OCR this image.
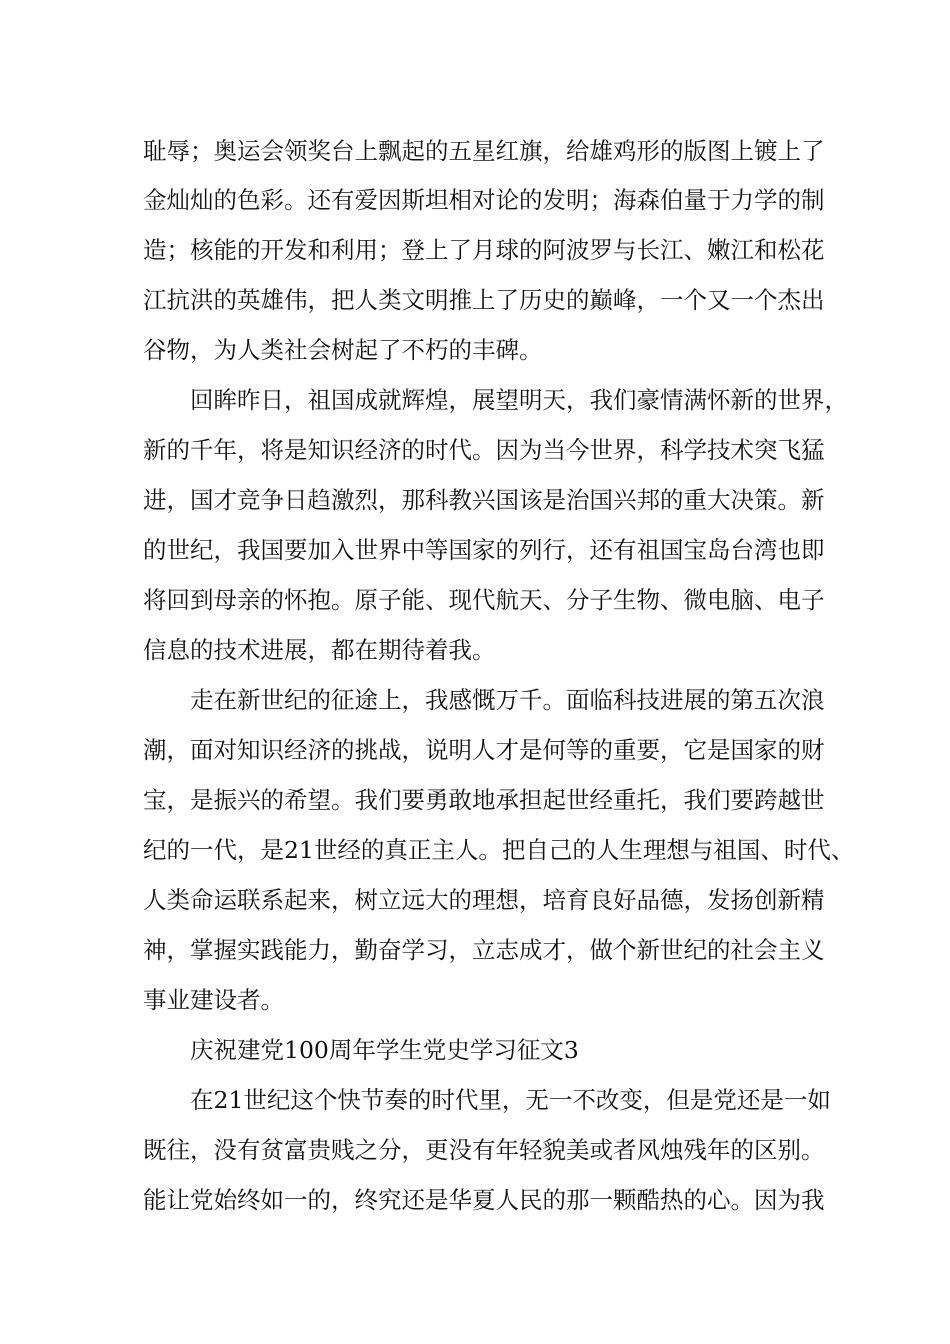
耻辱；奥运会领奖台上飘起的五星红旗，给雄鸡形的版图上镀上了
金灿灿的色彩。还有爱因斯坦相对论的发明；海森伯量于力学的制
造；核能的开发和利用；登上了月球的阿波罗与长江、嫩江和松花
江抗洪的英雄伟，把人类文明推上了历史的巅峰，一个又一个杰出
谷物，为人类社会树起了不朽的丰碑。
回眸昨日，祖国成就辉煌，展望明天，我们豪情满怀新的世界，
新的千年，将是知识经济的时代。因为当今世界，科学技术突飞猛
进，国才竞争日趋激烈，那科教兴国该是治国兴邦的重大决策。新
的世纪，我国要加入世界中等国家的列行，还有祖国宝岛台湾也即
将回到母亲的怀抱。原子能、现代航天、分子生物、微电脑、电子
信息的技术进展，都在期待着我。
走在新世纪的征途上，我感慨万千。面临科技进展的第五次浪
潮，面对知识经济的挑战，说明人才是何等的重要，它是国家的财
宝，是振兴的希望。我们要勇敢地承担起世经重托，我们要跨越世
纪的一代，是21世经的真正主人。把自己的人生理想与祖国、时代、
人类命运联系起来，树立远大的理想，培育良好品德，发扬创新精
神，掌握实践能力，勤奋学习，立志成才，做个新世纪的社会主义
事业建设者。
庆祝建党100周年学生党史学习征文3
在21世纪这个快节奏的时代里，无一不改变，但是党还是一如
既往，没有贫富贵贱之分，更没有年轻貌美或者风烛残年的区别。
能让党始终如一的，终究还是华夏人民的那一颗酷热的心。因为我
